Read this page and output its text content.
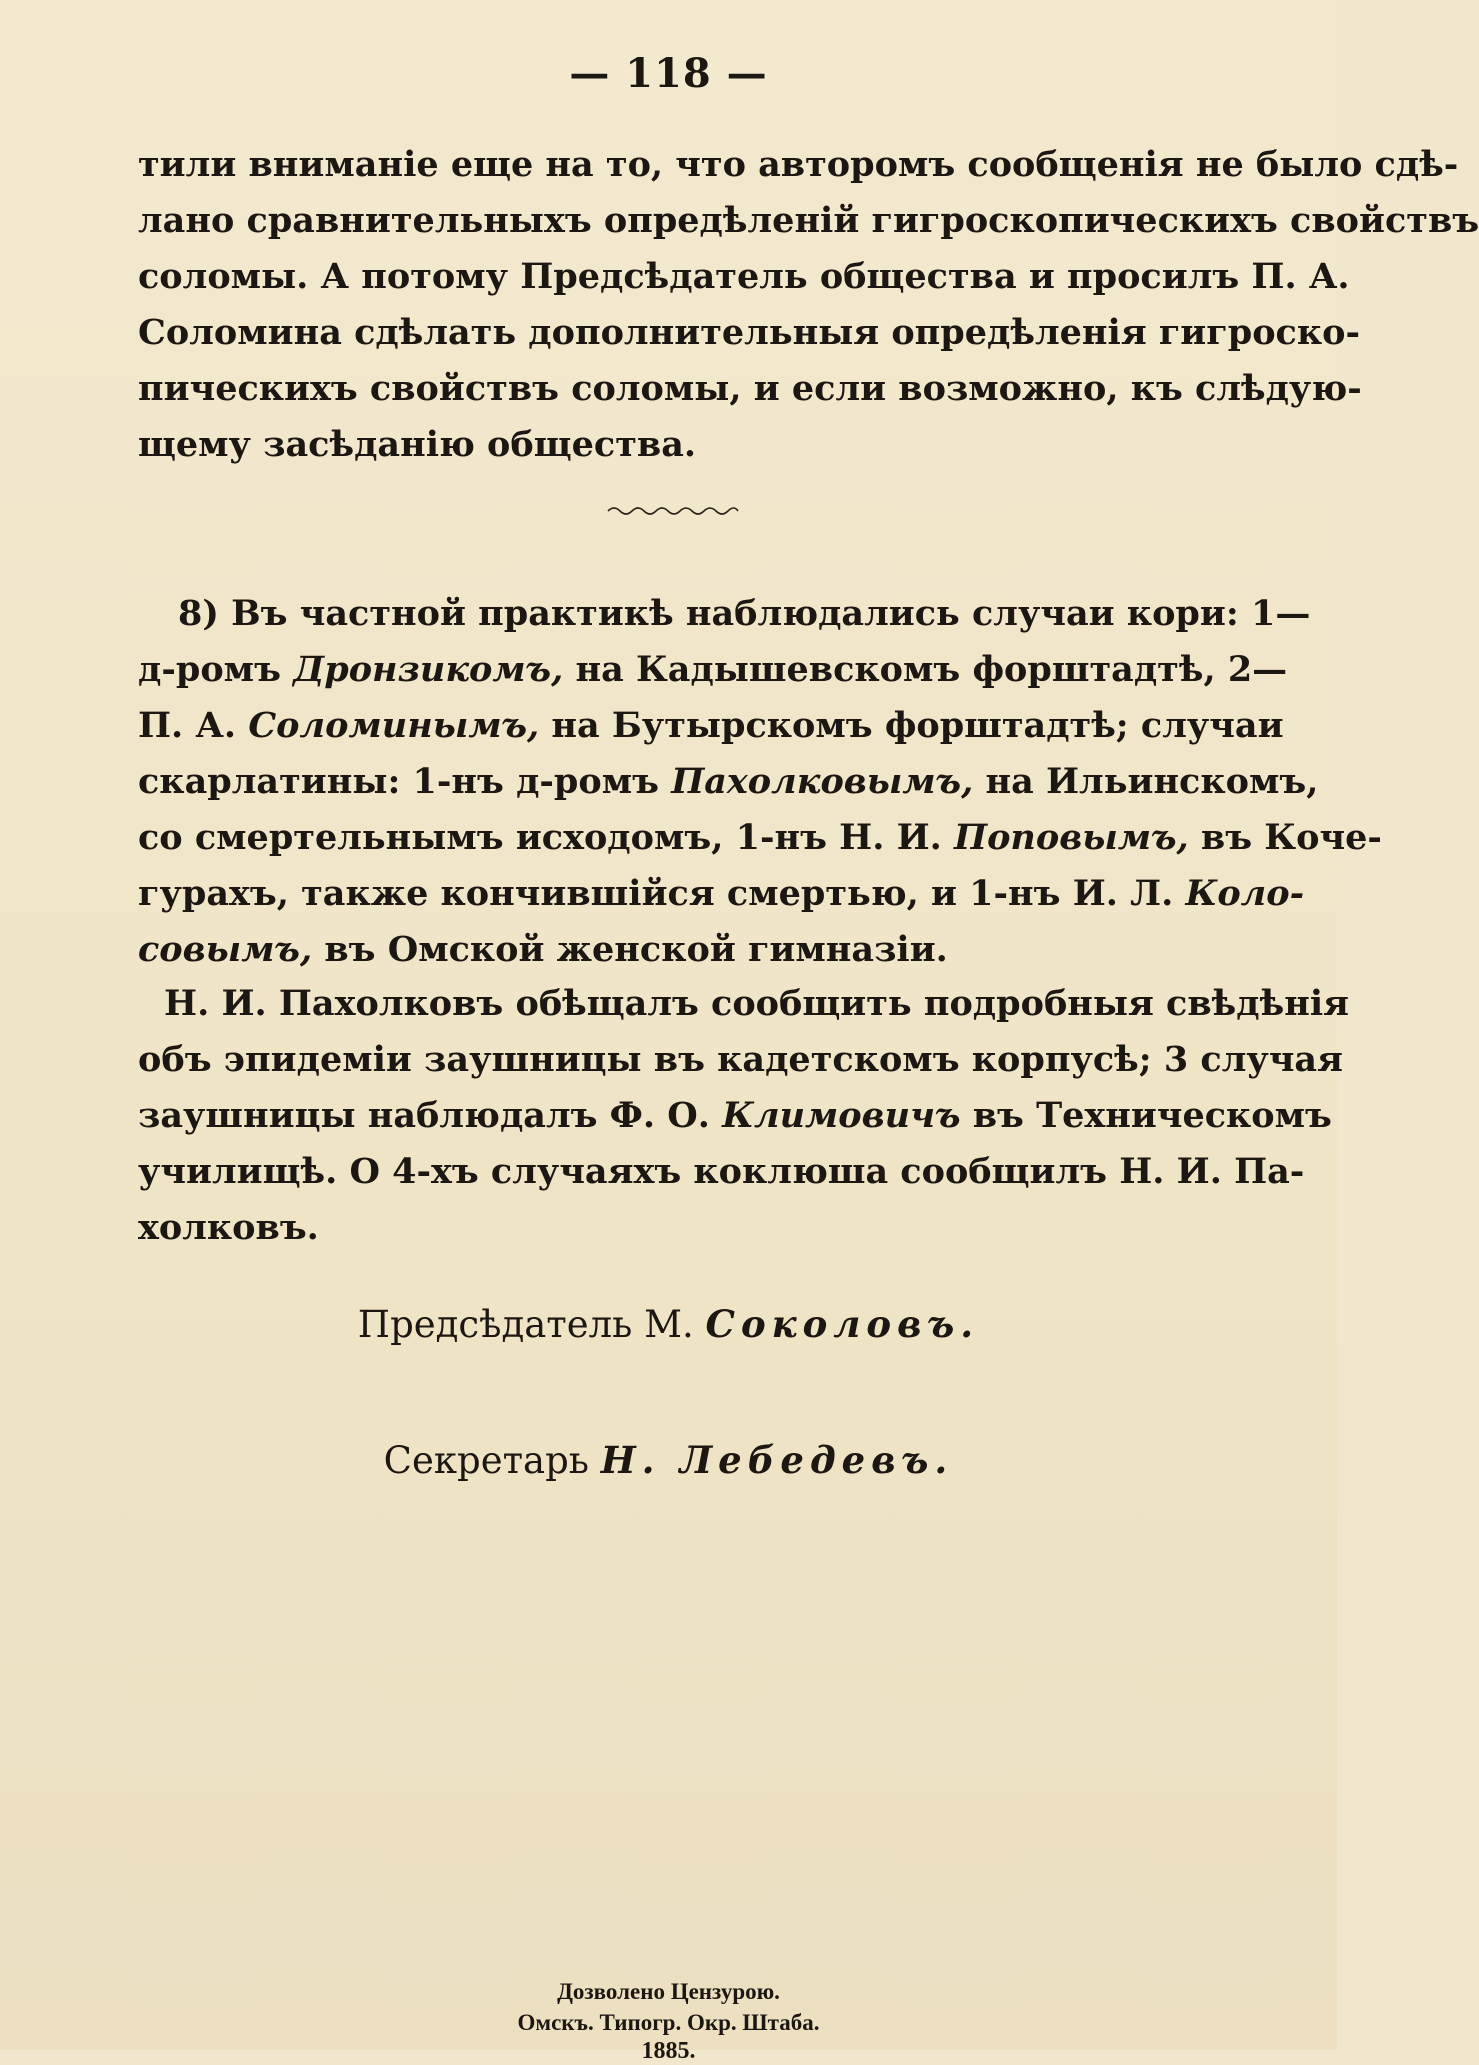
— 118 —
тили вниманіе еще на то, что авторомъ сообщенія не было сдѣ-
лано сравнительныхъ опредѣленій гигроскопическихъ свойствъ
соломы. А потому Предсѣдатель общества и просилъ П. А.
Соломина сдѣлать дополнительныя опредѣленія гигроско-
пическихъ свойствъ соломы, и если возможно, къ слѣдую-
щему засѣданію общества.
8) Въ частной практикѣ наблюдались случаи кори: 1—
д-ромъ Дронзикомъ, на Кадышевскомъ форштадтѣ, 2—
П. А. Соломинымъ, на Бутырскомъ форштадтѣ; случаи
скарлатины: 1-нъ д-ромъ Пахолковымъ, на Ильинскомъ,
со смертельнымъ исходомъ, 1-нъ Н. И. Поповымъ, въ Коче-
гурахъ, также кончившійся смертью, и 1-нъ И. Л. Коло-
совымъ, въ Омской женской гимназіи.
Н. И. Пахолковъ обѣщалъ сообщить подробныя свѣдѣнія
объ эпидеміи заушницы въ кадетскомъ корпусѣ; 3 случая
заушницы наблюдалъ Ф. О. Климовичъ въ Техническомъ
училищѣ. О 4-хъ случаяхъ коклюша сообщилъ Н. И. Па-
холковъ.
Предсѣдатель М. Соколовъ.
Секретарь Н. Лебедевъ.
Дозволено Цензурою.
Омскъ. Типогр. Окр. Штаба.
1885.
